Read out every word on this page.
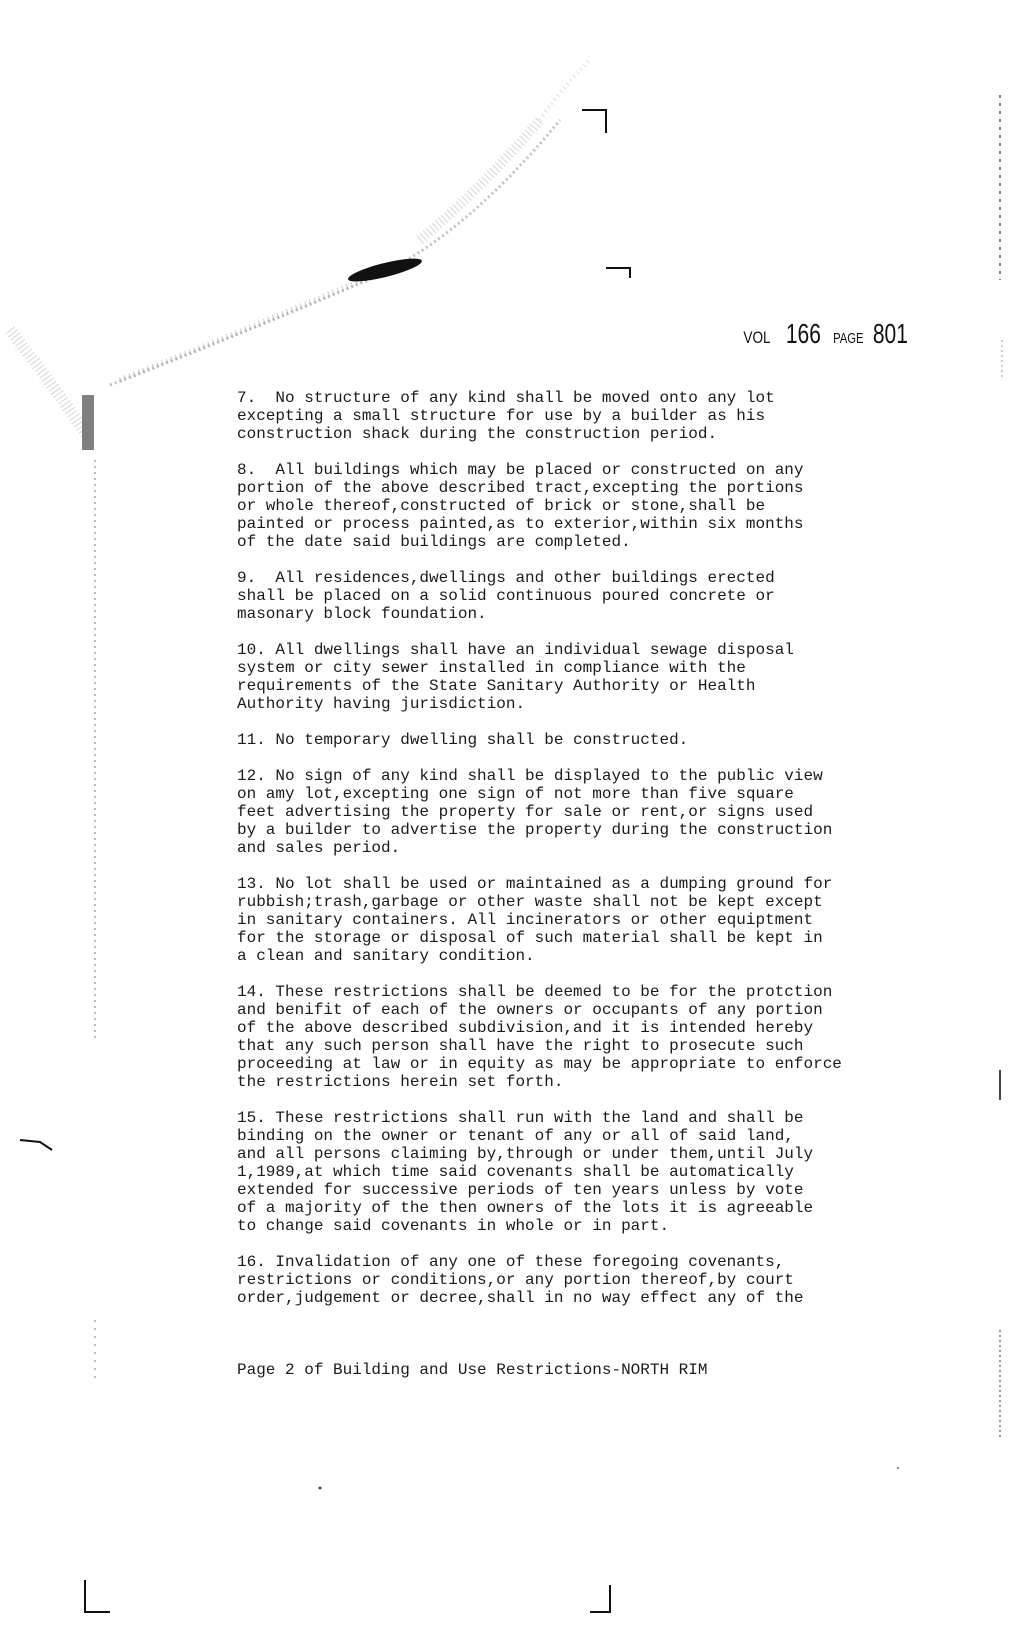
VOL 166 PAGE 801

7.  No structure of any kind shall be moved onto any lot
excepting a small structure for use by a builder as his
construction shack during the construction period.

8.  All buildings which may be placed or constructed on any
portion of the above described tract,excepting the portions
or whole thereof,constructed of brick or stone,shall be
painted or process painted,as to exterior,within six months
of the date said buildings are completed.

9.  All residences,dwellings and other buildings erected
shall be placed on a solid continuous poured concrete or
masonary block foundation.

10. All dwellings shall have an individual sewage disposal
system or city sewer installed in compliance with the
requirements of the State Sanitary Authority or Health
Authority having jurisdiction.

11. No temporary dwelling shall be constructed.

12. No sign of any kind shall be displayed to the public view
on amy lot,excepting one sign of not more than five square
feet advertising the property for sale or rent,or signs used
by a builder to advertise the property during the construction
and sales period.

13. No lot shall be used or maintained as a dumping ground for
rubbish;trash,garbage or other waste shall not be kept except
in sanitary containers. All incinerators or other equiptment
for the storage or disposal of such material shall be kept in
a clean and sanitary condition.

14. These restrictions shall be deemed to be for the protction
and benifit of each of the owners or occupants of any portion
of the above described subdivision,and it is intended hereby
that any such person shall have the right to prosecute such
proceeding at law or in equity as may be appropriate to enforce
the restrictions herein set forth.

15. These restrictions shall run with the land and shall be
binding on the owner or tenant of any or all of said land,
and all persons claiming by,through or under them,until July
1,1989,at which time said covenants shall be automatically
extended for successive periods of ten years unless by vote
of a majority of the then owners of the lots it is agreeable
to change said covenants in whole or in part.

16. Invalidation of any one of these foregoing covenants,
restrictions or conditions,or any portion thereof,by court
order,judgement or decree,shall in no way effect any of the

Page 2 of Building and Use Restrictions-NORTH RIM
